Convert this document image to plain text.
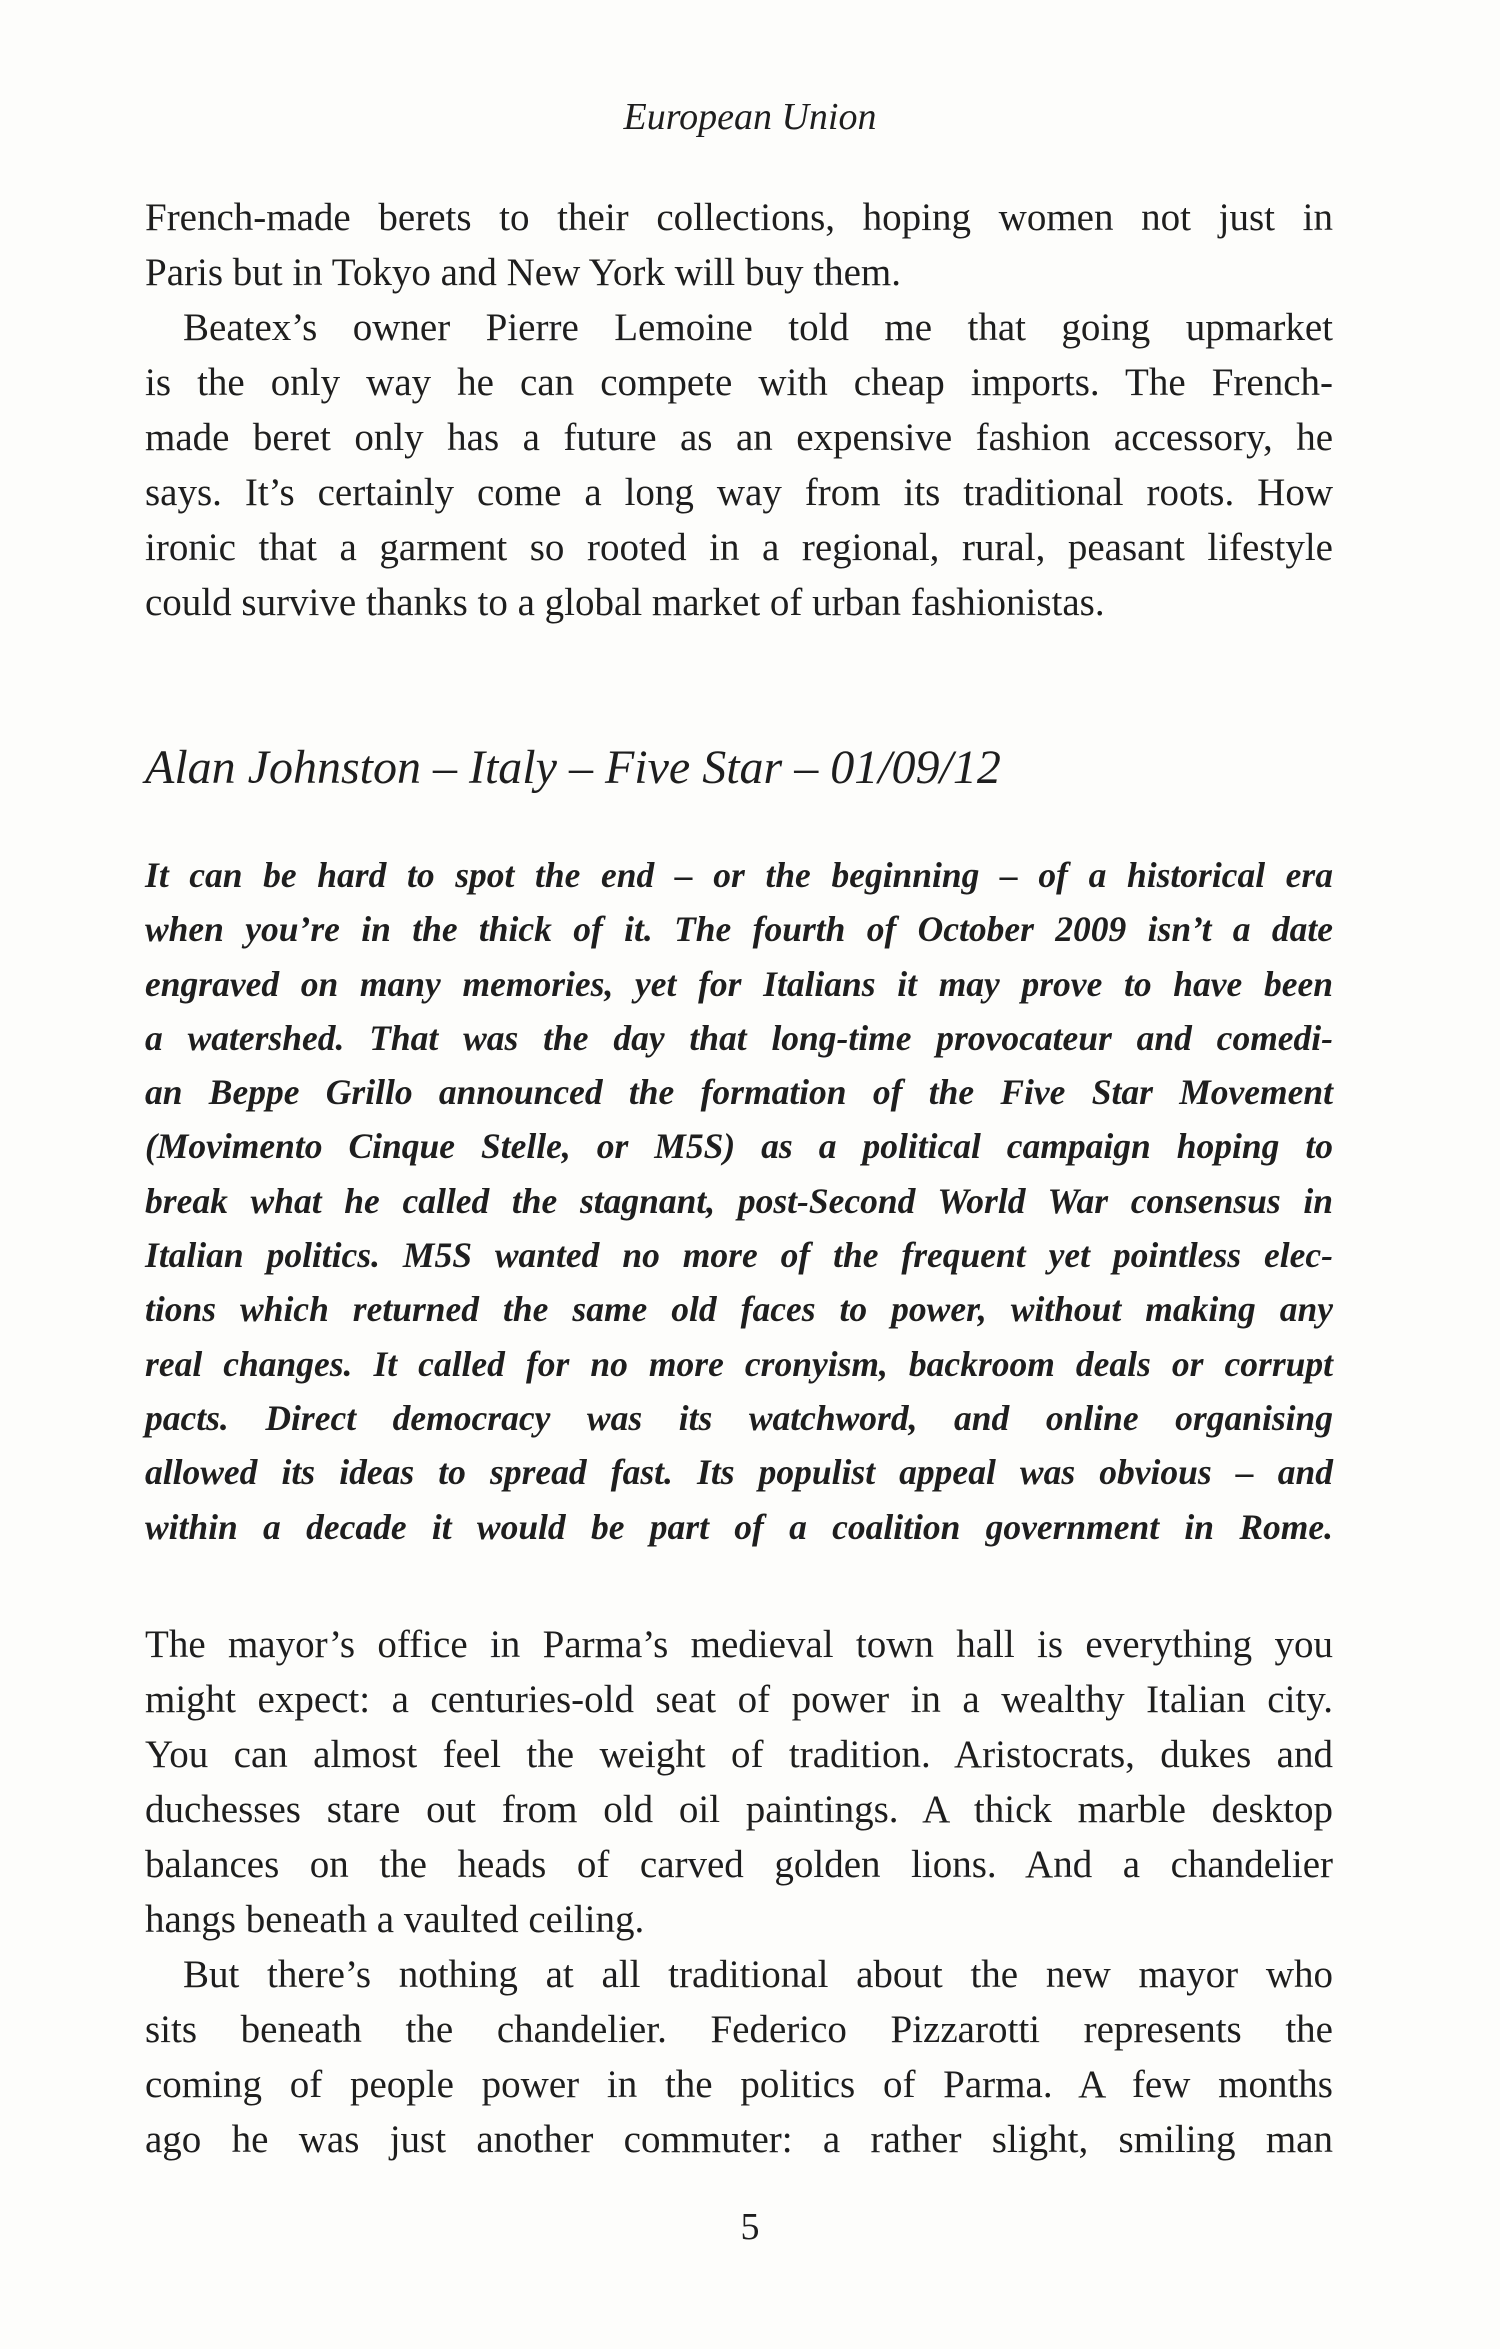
European Union
French-made berets to their collections, hoping women not just in
Paris but in Tokyo and New York will buy them.
Beatex’s owner Pierre Lemoine told me that going upmarket
is the only way he can compete with cheap imports. The French-
made beret only has a future as an expensive fashion accessory, he
says. It’s certainly come a long way from its traditional roots. How
ironic that a garment so rooted in a regional, rural, peasant lifestyle
could survive thanks to a global market of urban fashionistas.
Alan Johnston – Italy – Five Star – 01/09/12
It can be hard to spot the end – or the beginning – of a historical era
when you’re in the thick of it. The fourth of October 2009 isn’t a date
engraved on many memories, yet for Italians it may prove to have been
a watershed. That was the day that long-time provocateur and comedi-
an Beppe Grillo announced the formation of the Five Star Movement
(Movimento Cinque Stelle, or M5S) as a political campaign hoping to
break what he called the stagnant, post-Second World War consensus in
Italian politics. M5S wanted no more of the frequent yet pointless elec-
tions which returned the same old faces to power, without making any
real changes. It called for no more cronyism, backroom deals or corrupt
pacts. Direct democracy was its watchword, and online organising
allowed its ideas to spread fast. Its populist appeal was obvious – and
within a decade it would be part of a coalition government in Rome.
The mayor’s office in Parma’s medieval town hall is everything you
might expect: a centuries-old seat of power in a wealthy Italian city.
You can almost feel the weight of tradition. Aristocrats, dukes and
duchesses stare out from old oil paintings. A thick marble desktop
balances on the heads of carved golden lions. And a chandelier
hangs beneath a vaulted ceiling.
But there’s nothing at all traditional about the new mayor who
sits beneath the chandelier. Federico Pizzarotti represents the
coming of people power in the politics of Parma. A few months
ago he was just another commuter: a rather slight, smiling man
5
